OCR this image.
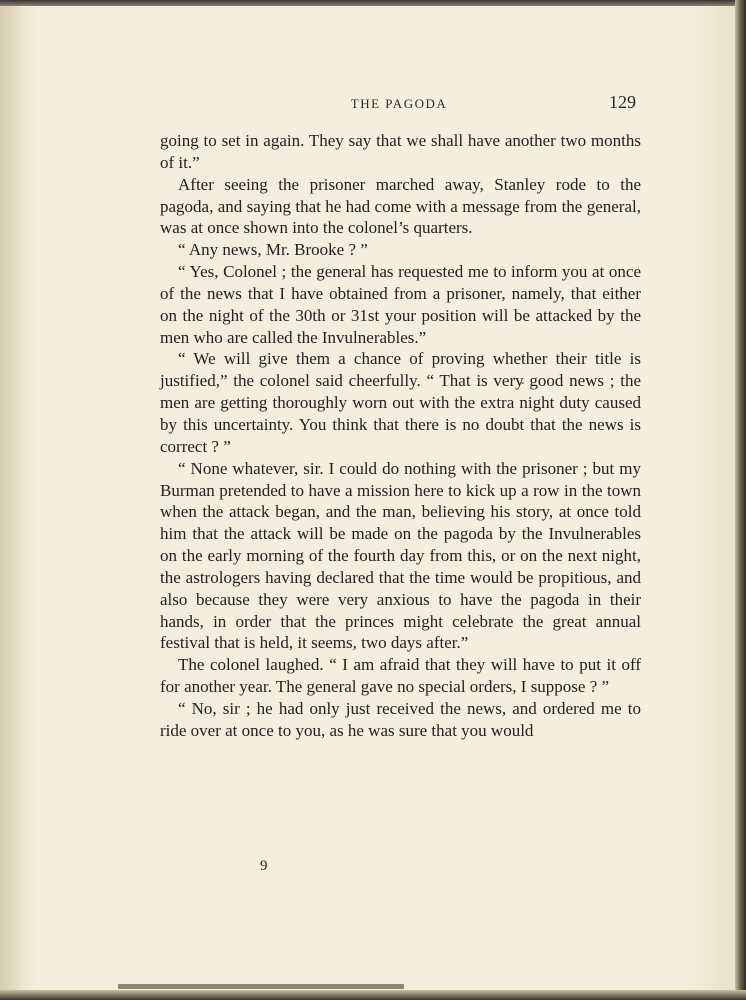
THE PAGODA	129

going to set in again. They say that we shall have another two months of it.”

After seeing the prisoner marched away, Stanley rode to the pagoda, and saying that he had come with a message from the general, was at once shown into the colonel’s quarters.

“ Any news, Mr. Brooke ? ”

“ Yes, Colonel ; the general has requested me to inform you at once of the news that I have obtained from a prisoner, namely, that either on the night of the 30th or 31st your position will be attacked by the men who are called the Invulnerables.”

“ We will give them a chance of proving whether their title is justified,” the colonel said cheerfully. “ That is very good news ; the men are getting thoroughly worn out with the extra night duty caused by this uncertainty. You think that there is no doubt that the news is correct ? ”

“ None whatever, sir. I could do nothing with the prisoner ; but my Burman pretended to have a mission here to kick up a row in the town when the attack began, and the man, believing his story, at once told him that the attack will be made on the pagoda by the Invulnerables on the early morning of the fourth day from this, or on the next night, the astrologers having declared that the time would be propitious, and also because they were very anxious to have the pagoda in their hands, in order that the princes might celebrate the great annual festival that is held, it seems, two days after.”

The colonel laughed. “ I am afraid that they will have to put it off for another year. The general gave no special orders, I suppose ? ”

“ No, sir ; he had only just received the news, and ordered me to ride over at once to you, as he was sure that you would

9
